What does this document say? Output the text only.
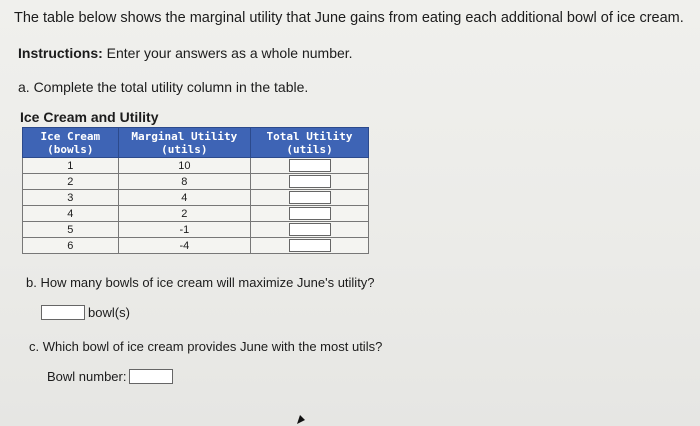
The table below shows the marginal utility that June gains from eating each additional bowl of ice cream.
Instructions: Enter your answers as a whole number.
a. Complete the total utility column in the table.
Ice Cream and Utility
Ice Cream (bowls)	Marginal Utility (utils)	Total Utility (utils)
1	10	
2	8	
3	4	
4	2	
5	-1	
6	-4	
b. How many bowls of ice cream will maximize June's utility?
bowl(s)
c. Which bowl of ice cream provides June with the most utils?
Bowl number:
